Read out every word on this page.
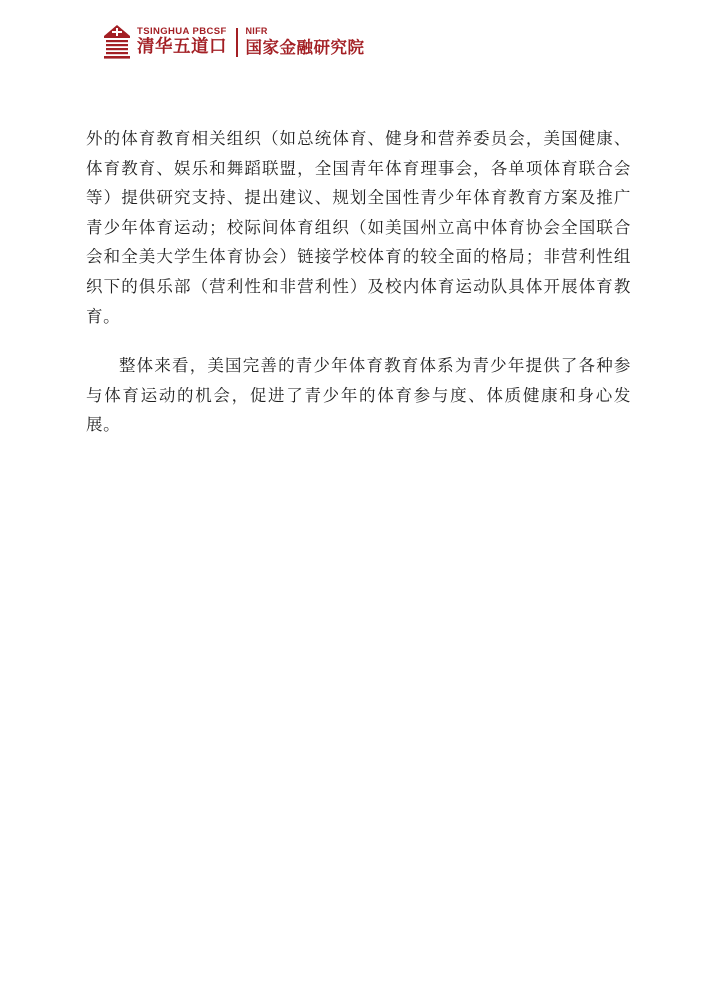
TSINGHUA PBCSF
清华五道口
NIFR
国家金融研究院

外的体育教育相关组织（如总统体育、健身和营养委员会，美国健康、体育教育、娱乐和舞蹈联盟，全国青年体育理事会，各单项体育联合会等）提供研究支持、提出建议、规划全国性青少年体育教育方案及推广青少年体育运动；校际间体育组织（如美国州立高中体育协会全国联合会和全美大学生体育协会）链接学校体育的较全面的格局；非营利性组织下的俱乐部（营利性和非营利性）及校内体育运动队具体开展体育教育。

整体来看，美国完善的青少年体育教育体系为青少年提供了各种参与体育运动的机会，促进了青少年的体育参与度、体质健康和身心发展。
